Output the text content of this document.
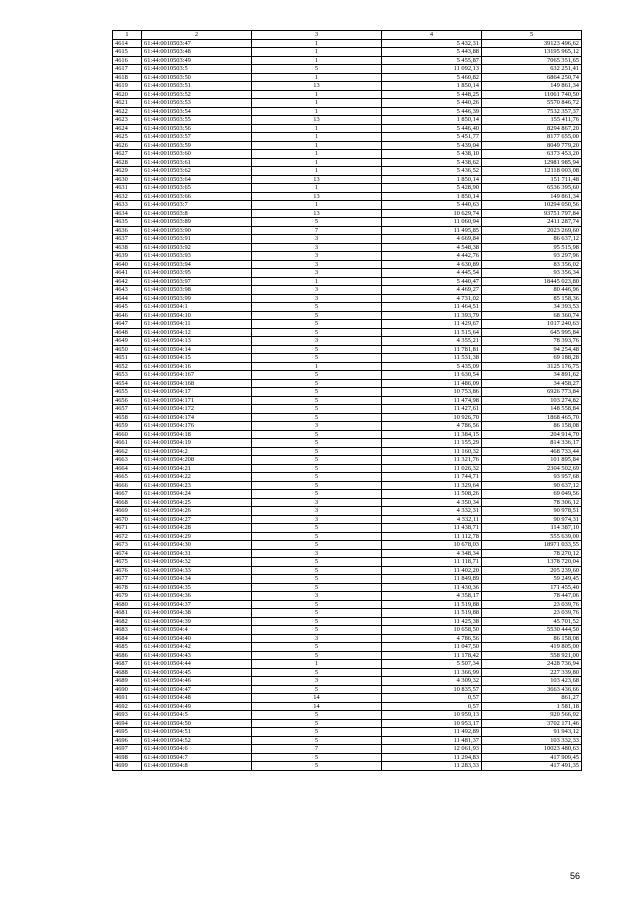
1	2	3	4	5
4614	61:44:0010503:47	1	5 432,31	39123 496,62
4615	61:44:0010503:48	1	5 443,88	13195 965,12
4616	61:44:0010503:49	1	5 455,87	7065 351,65
4617	61:44:0010503:5	5	11 092,13	632 251,41
4618	61:44:0010503:50	1	5 460,82	6864 250,74
4619	61:44:0010503:51	13	1 850,14	149 861,34
4620	61:44:0010503:52	1	5 448,25	11061 740,50
4621	61:44:0010503:53	1	5 440,26	5570 846,72
4622	61:44:0010503:54	1	5 446,39	7532 357,37
4623	61:44:0010503:55	13	1 850,14	155 411,76
4624	61:44:0010503:56	1	5 446,40	8294 867,20
4625	61:44:0010503:57	1	5 451,77	8177 655,00
4626	61:44:0010503:59	1	5 439,04	8049 779,20
4627	61:44:0010503:60	1	5 438,10	6373 453,20
4628	61:44:0010503:61	1	5 438,62	12981 985,94
4629	61:44:0010503:62	1	5 436,52	12118 003,08
4630	61:44:0010503:64	13	1 850,14	151 711,48
4631	61:44:0010503:65	1	5 428,90	6536 395,60
4632	61:44:0010503:66	13	1 850,14	149 861,34
4633	61:44:0010503:7	1	5 440,63	10294 050,56
4634	61:44:0010503:8	13	10 629,74	93751 797,84
4635	61:44:0010503:89	5	11 060,94	2411 287,74
4636	61:44:0010503:90	7	11 495,85	2023 269,60
4637	61:44:0010503:91	3	4 669,84	86 637,12
4638	61:44:0010503:92	3	4 548,38	95 515,98
4639	61:44:0010503:93	3	4 442,76	93 297,96
4640	61:44:0010503:94	3	4 630,89	83 356,02
4641	61:44:0010503:95	3	4 445,54	93 356,34
4642	61:44:0010503:97	1	5 440,47	18445 023,80
4643	61:44:0010503:98	3	4 469,27	80 446,96
4644	61:44:0010503:99	3	4 731,02	85 158,36
4645	61:44:0010504:1	5	11 464,51	34 393,53
4646	61:44:0010504:10	5	11 393,79	68 360,74
4647	61:44:0010504:11	5	11 429,67	1017 240,63
4648	61:44:0010504:12	5	11 515,64	645 995,84
4649	61:44:0010504:13	3	4 355,21	78 393,76
4650	61:44:0010504:14	5	11 781,81	94 254,48
4651	61:44:0010504:15	5	11 531,38	69 188,28
4652	61:44:0010504:16	1	5 435,09	3125 176,75
4653	61:44:0010504:167	5	11 630,54	34 891,62
4654	61:44:0010504:168	5	11 486,09	34 458,27
4655	61:44:0010504:17	5	10 753,86	6926 773,84
4656	61:44:0010504:171	5	11 474,98	103 274,82
4657	61:44:0010504:172	5	11 427,61	148 558,84
4658	61:44:0010504:174	5	10 926,70	1868 465,70
4659	61:44:0010504:176	3	4 786,56	86 158,08
4660	61:44:0010504:18	5	11 384,15	204 914,70
4661	61:44:0010504:19	5	11 155,29	814 336,17
4662	61:44:0010504:2	5	11 160,32	468 733,44
4663	61:44:0010504:208	5	11 321,76	101 895,84
4664	61:44:0010504:21	5	11 026,32	2304 502,69
4665	61:44:0010504:22	5	11 744,71	93 957,68
4666	61:44:0010504:23	5	11 329,64	90 637,12
4667	61:44:0010504:24	5	11 508,26	69 049,56
4668	61:44:0010504:25	3	4 350,34	78 306,12
4669	61:44:0010504:26	3	4 332,31	90 978,51
4670	61:44:0010504:27	3	4 332,11	90 974,31
4671	61:44:0010504:28	5	11 438,71	114 387,10
4672	61:44:0010504:29	5	11 112,78	555 639,00
4673	61:44:0010504:30	5	10 678,03	18971 033,55
4674	61:44:0010504:31	3	4 348,34	78 270,12
4675	61:44:0010504:32	5	11 118,71	1378 720,04
4676	61:44:0010504:33	5	11 402,20	205 239,60
4677	61:44:0010504:34	5	11 849,89	59 249,45
4678	61:44:0010504:35	5	11 430,36	171 455,40
4679	61:44:0010504:36	3	4 358,17	78 447,06
4680	61:44:0010504:37	5	11 519,88	23 039,76
4681	61:44:0010504:38	5	11 519,88	23 039,76
4682	61:44:0010504:39	5	11 425,38	45 701,52
4683	61:44:0010504:4	5	10 658,50	5530 444,50
4684	61:44:0010504:40	3	4 786,56	86 158,08
4685	61:44:0010504:42	5	11 047,50	419 805,00
4686	61:44:0010504:43	5	11 178,42	558 921,00
4687	61:44:0010504:44	1	5 507,34	2428 736,94
4688	61:44:0010504:45	5	11 366,99	227 339,80
4689	61:44:0010504:46	3	4 309,32	103 423,68
4690	61:44:0010504:47	5	10 835,57	3663 436,66
4691	61:44:0010504:48	14	0,57	861,27
4692	61:44:0010504:49	14	0,57	1 581,18
4693	61:44:0010504:5	5	10 959,13	920 566,92
4694	61:44:0010504:50	5	10 953,17	3702 171,46
4695	61:44:0010504:51	5	11 492,89	91 943,12
4696	61:44:0010504:52	5	11 481,37	103 332,33
4697	61:44:0010504:6	7	12 061,93	10023 480,63
4698	61:44:0010504:7	5	11 294,83	417 909,45
4699	61:44:0010504:8	5	11 283,33	417 491,35
56
